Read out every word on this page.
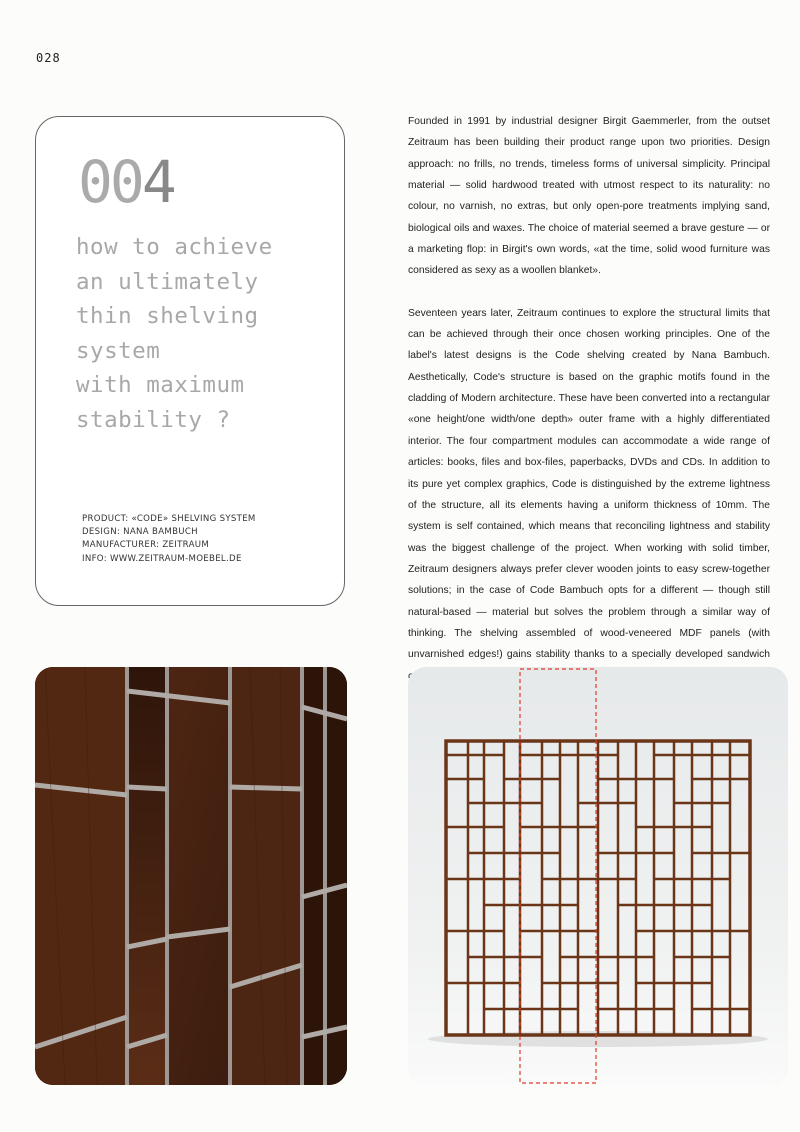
028
004
how to achieve
an ultimately
thin shelving
system
with maximum
stability ?
PRODUCT: «CODE» SHELVING SYSTEM
DESIGN: NANA BAMBUCH
MANUFACTURER: ZEITRAUM
INFO: WWW.ZEITRAUM-MOEBEL.DE

Founded in 1991 by industrial designer Birgit Gaemmerler, from the outset Zeitraum has been building their product range upon two priorities. Design approach: no frills, no trends, timeless forms of universal simplicity. Principal material — solid hardwood treated with utmost respect to its naturality: no colour, no varnish, no extras, but only open-pore treatments implying sand, biological oils and waxes. The choice of material seemed a brave gesture — or a marketing flop: in Birgit's own words, «at the time, solid wood furniture was considered as sexy as a woollen blanket».

Seventeen years later, Zeitraum continues to explore the structural limits that can be achieved through their once chosen working principles. One of the label's latest designs is the Code shelving created by Nana Bambuch. Aesthetically, Code's structure is based on the graphic motifs found in the cladding of Modern architecture. These have been converted into a rectangular «one height/one width/one depth» outer frame with a highly differentiated interior. The four compartment modules can accommodate a wide range of articles: books, files and box-files, paperbacks, DVDs and CDs. In addition to its pure yet complex graphics, Code is distinguished by the extreme lightness of the structure, all its elements having a uniform thickness of 10mm. The system is self contained, which means that reconciling lightness and stability was the biggest challenge of the project. When working with solid timber, Zeitraum designers always prefer clever wooden joints to easy screw-together solutions; in the case of Code Bambuch opts for a different — though still natural-based — material but solves the problem through a similar way of thinking. The shelving assembled of wood-veneered MDF panels (with unvarnished edges!) gains stability thanks to a specially developed sandwich
